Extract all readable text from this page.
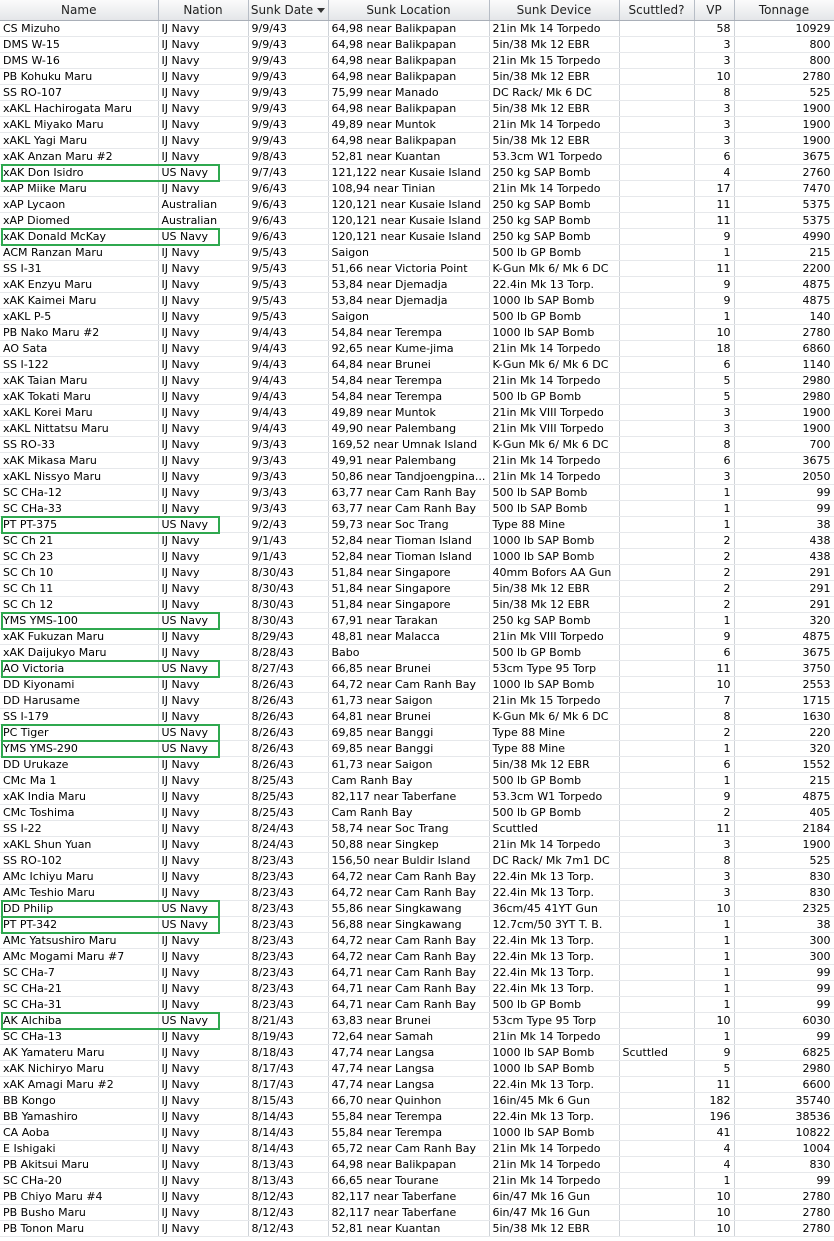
Name	Nation	Sunk Date	Sunk Location	Sunk Device	Scuttled?	VP	Tonnage
CS Mizuho	IJ Navy	9/9/43	64,98 near Balikpapan	21in Mk 14 Torpedo		58	10929
DMS W-15	IJ Navy	9/9/43	64,98 near Balikpapan	5in/38 Mk 12 EBR		3	800
DMS W-16	IJ Navy	9/9/43	64,98 near Balikpapan	21in Mk 15 Torpedo		3	800
PB Kohuku Maru	IJ Navy	9/9/43	64,98 near Balikpapan	5in/38 Mk 12 EBR		10	2780
SS RO-107	IJ Navy	9/9/43	75,99 near Manado	DC Rack/ Mk 6 DC		8	525
xAKL Hachirogata Maru	IJ Navy	9/9/43	64,98 near Balikpapan	5in/38 Mk 12 EBR		3	1900
xAKL Miyako Maru	IJ Navy	9/9/43	49,89 near Muntok	21in Mk 14 Torpedo		3	1900
xAKL Yagi Maru	IJ Navy	9/9/43	64,98 near Balikpapan	5in/38 Mk 12 EBR		3	1900
xAK Anzan Maru #2	IJ Navy	9/8/43	52,81 near Kuantan	53.3cm W1 Torpedo		6	3675
xAK Don Isidro	US Navy	9/7/43	121,122 near Kusaie Island	250 kg SAP Bomb		4	2760
xAP Miike Maru	IJ Navy	9/6/43	108,94 near Tinian	21in Mk 14 Torpedo		17	7470
xAP Lycaon	Australian	9/6/43	120,121 near Kusaie Island	250 kg SAP Bomb		11	5375
xAP Diomed	Australian	9/6/43	120,121 near Kusaie Island	250 kg SAP Bomb		11	5375
xAK Donald McKay	US Navy	9/6/43	120,121 near Kusaie Island	250 kg SAP Bomb		9	4990
ACM Ranzan Maru	IJ Navy	9/5/43	Saigon	500 lb GP Bomb		1	215
SS I-31	IJ Navy	9/5/43	51,66 near Victoria Point	K-Gun Mk 6/ Mk 6 DC		11	2200
xAK Enzyu Maru	IJ Navy	9/5/43	53,84 near Djemadja	22.4in Mk 13 Torp.		9	4875
xAK Kaimei Maru	IJ Navy	9/5/43	53,84 near Djemadja	1000 lb SAP Bomb		9	4875
xAKL P-5	IJ Navy	9/5/43	Saigon	500 lb GP Bomb		1	140
PB Nako Maru #2	IJ Navy	9/4/43	54,84 near Terempa	1000 lb SAP Bomb		10	2780
AO Sata	IJ Navy	9/4/43	92,65 near Kume-jima	21in Mk 14 Torpedo		18	6860
SS I-122	IJ Navy	9/4/43	64,84 near Brunei	K-Gun Mk 6/ Mk 6 DC		6	1140
xAK Taian Maru	IJ Navy	9/4/43	54,84 near Terempa	21in Mk 14 Torpedo		5	2980
xAK Tokati Maru	IJ Navy	9/4/43	54,84 near Terempa	500 lb GP Bomb		5	2980
xAKL Korei Maru	IJ Navy	9/4/43	49,89 near Muntok	21in Mk VIII Torpedo		3	1900
xAKL Nittatsu Maru	IJ Navy	9/4/43	49,90 near Palembang	21in Mk VIII Torpedo		3	1900
SS RO-33	IJ Navy	9/3/43	169,52 near Umnak Island	K-Gun Mk 6/ Mk 6 DC		8	700
xAK Mikasa Maru	IJ Navy	9/3/43	49,91 near Palembang	21in Mk 14 Torpedo		6	3675
xAKL Nissyo Maru	IJ Navy	9/3/43	50,86 near Tandjoengpina...	21in Mk 14 Torpedo		3	2050
SC CHa-12	IJ Navy	9/3/43	63,77 near Cam Ranh Bay	500 lb SAP Bomb		1	99
SC CHa-33	IJ Navy	9/3/43	63,77 near Cam Ranh Bay	500 lb SAP Bomb		1	99
PT PT-375	US Navy	9/2/43	59,73 near Soc Trang	Type 88 Mine		1	38
SC Ch 21	IJ Navy	9/1/43	52,84 near Tioman Island	1000 lb SAP Bomb		2	438
SC Ch 23	IJ Navy	9/1/43	52,84 near Tioman Island	1000 lb SAP Bomb		2	438
SC Ch 10	IJ Navy	8/30/43	51,84 near Singapore	40mm Bofors AA Gun		2	291
SC Ch 11	IJ Navy	8/30/43	51,84 near Singapore	5in/38 Mk 12 EBR		2	291
SC Ch 12	IJ Navy	8/30/43	51,84 near Singapore	5in/38 Mk 12 EBR		2	291
YMS YMS-100	US Navy	8/30/43	67,91 near Tarakan	250 kg SAP Bomb		1	320
xAK Fukuzan Maru	IJ Navy	8/29/43	48,81 near Malacca	21in Mk VIII Torpedo		9	4875
xAK Daijukyo Maru	IJ Navy	8/28/43	Babo	500 lb GP Bomb		6	3675
AO Victoria	US Navy	8/27/43	66,85 near Brunei	53cm Type 95 Torp		11	3750
DD Kiyonami	IJ Navy	8/26/43	64,72 near Cam Ranh Bay	1000 lb SAP Bomb		10	2553
DD Harusame	IJ Navy	8/26/43	61,73 near Saigon	21in Mk 15 Torpedo		7	1715
SS I-179	IJ Navy	8/26/43	64,81 near Brunei	K-Gun Mk 6/ Mk 6 DC		8	1630
PC Tiger	US Navy	8/26/43	69,85 near Banggi	Type 88 Mine		2	220
YMS YMS-290	US Navy	8/26/43	69,85 near Banggi	Type 88 Mine		1	320
DD Urukaze	IJ Navy	8/26/43	61,73 near Saigon	5in/38 Mk 12 EBR		6	1552
CMc Ma 1	IJ Navy	8/25/43	Cam Ranh Bay	500 lb GP Bomb		1	215
xAK India Maru	IJ Navy	8/25/43	82,117 near Taberfane	53.3cm W1 Torpedo		9	4875
CMc Toshima	IJ Navy	8/25/43	Cam Ranh Bay	500 lb GP Bomb		2	405
SS I-22	IJ Navy	8/24/43	58,74 near Soc Trang	Scuttled		11	2184
xAKL Shun Yuan	IJ Navy	8/24/43	50,88 near Singkep	21in Mk 14 Torpedo		3	1900
SS RO-102	IJ Navy	8/23/43	156,50 near Buldir Island	DC Rack/ Mk 7m1 DC		8	525
AMc Ichiyu Maru	IJ Navy	8/23/43	64,72 near Cam Ranh Bay	22.4in Mk 13 Torp.		3	830
AMc Teshio Maru	IJ Navy	8/23/43	64,72 near Cam Ranh Bay	22.4in Mk 13 Torp.		3	830
DD Philip	US Navy	8/23/43	55,86 near Singkawang	36cm/45 41YT Gun		10	2325
PT PT-342	US Navy	8/23/43	56,88 near Singkawang	12.7cm/50 3YT T. B.		1	38
AMc Yatsushiro Maru	IJ Navy	8/23/43	64,72 near Cam Ranh Bay	22.4in Mk 13 Torp.		1	300
AMc Mogami Maru #7	IJ Navy	8/23/43	64,72 near Cam Ranh Bay	22.4in Mk 13 Torp.		1	300
SC CHa-7	IJ Navy	8/23/43	64,71 near Cam Ranh Bay	22.4in Mk 13 Torp.		1	99
SC CHa-21	IJ Navy	8/23/43	64,71 near Cam Ranh Bay	22.4in Mk 13 Torp.		1	99
SC CHa-31	IJ Navy	8/23/43	64,71 near Cam Ranh Bay	500 lb GP Bomb		1	99
AK Alchiba	US Navy	8/21/43	63,83 near Brunei	53cm Type 95 Torp		10	6030
SC CHa-13	IJ Navy	8/19/43	72,64 near Samah	21in Mk 14 Torpedo		1	99
AK Yamateru Maru	IJ Navy	8/18/43	47,74 near Langsa	1000 lb SAP Bomb	Scuttled	9	6825
xAK Nichiryo Maru	IJ Navy	8/17/43	47,74 near Langsa	1000 lb SAP Bomb		5	2980
xAK Amagi Maru #2	IJ Navy	8/17/43	47,74 near Langsa	22.4in Mk 13 Torp.		11	6600
BB Kongo	IJ Navy	8/15/43	66,70 near Quinhon	16in/45 Mk 6 Gun		182	35740
BB Yamashiro	IJ Navy	8/14/43	55,84 near Terempa	22.4in Mk 13 Torp.		196	38536
CA Aoba	IJ Navy	8/14/43	55,84 near Terempa	1000 lb SAP Bomb		41	10822
E Ishigaki	IJ Navy	8/14/43	65,72 near Cam Ranh Bay	21in Mk 14 Torpedo		4	1004
PB Akitsui Maru	IJ Navy	8/13/43	64,98 near Balikpapan	21in Mk 14 Torpedo		4	830
SC CHa-20	IJ Navy	8/13/43	66,65 near Tourane	21in Mk 14 Torpedo		1	99
PB Chiyo Maru #4	IJ Navy	8/12/43	82,117 near Taberfane	6in/47 Mk 16 Gun		10	2780
PB Busho Maru	IJ Navy	8/12/43	82,117 near Taberfane	6in/47 Mk 16 Gun		10	2780
PB Tonon Maru	IJ Navy	8/12/43	52,81 near Kuantan	5in/38 Mk 12 EBR		10	2780
